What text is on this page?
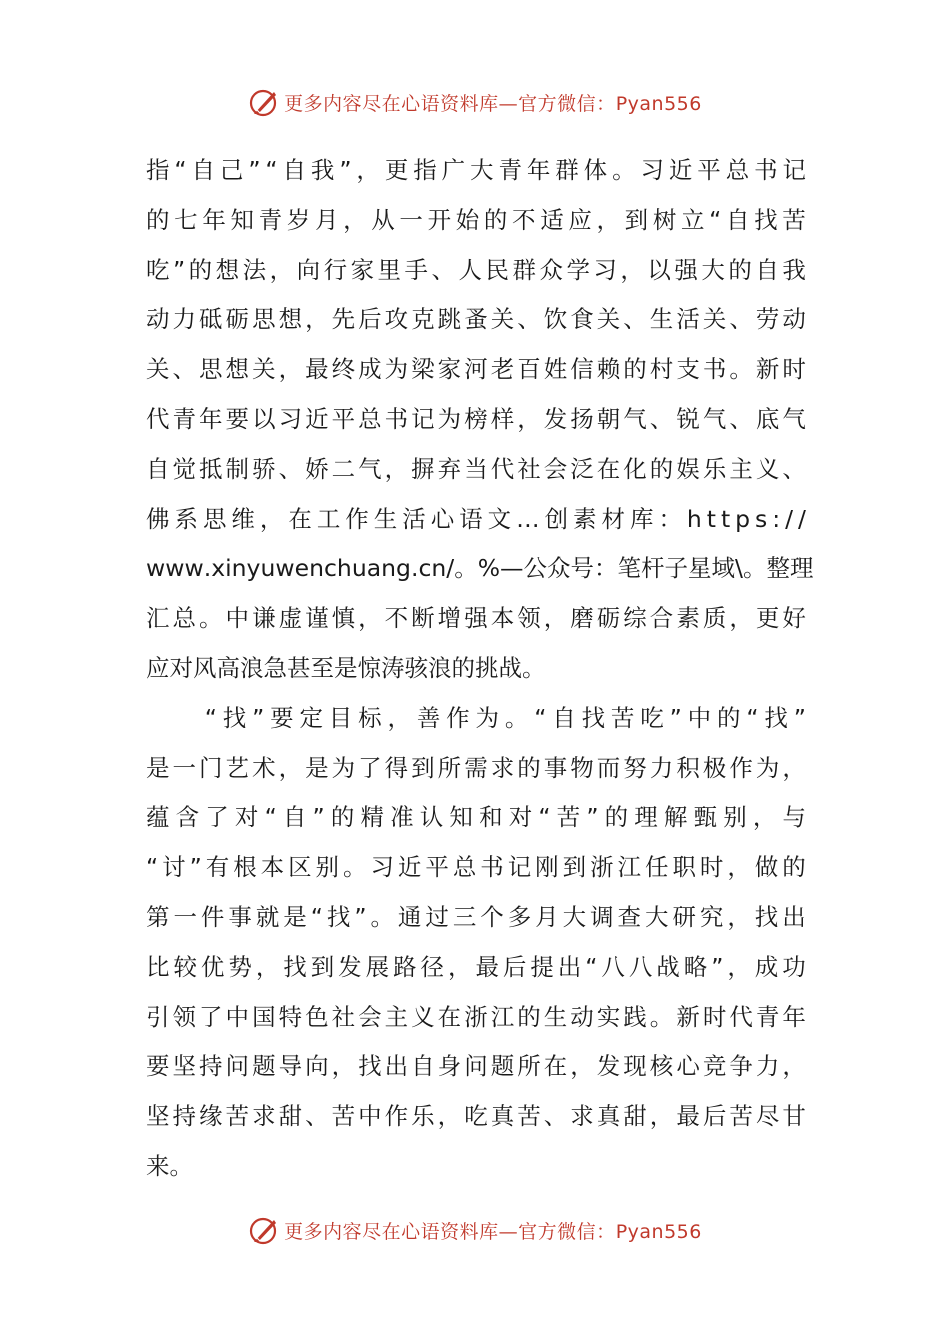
更多内容尽在心语资料库—官方微信：Pyan556
指 “ 自 己 ” “ 自 我 ” ， 更 指 广 大 青 年 群 体 。 习 近 平 总 书 记
的 七 年 知 青 岁 月 ， 从 一 开 始 的 不 适 应 ， 到 树 立 “ 自 找 苦
吃 ” 的 想 法 ， 向 行 家 里 手 、 人 民 群 众 学 习 ， 以 强 大 的 自 我
动 力 砥 砺 思 想 ， 先 后 攻 克 跳 蚤 关 、 饮 食 关 、 生 活 关 、 劳 动
关 、 思 想 关 ， 最 终 成 为 梁 家 河 老 百 姓 信 赖 的 村 支 书 。 新 时
代 青 年 要 以 习 近 平 总 书 记 为 榜 样 ， 发 扬 朝 气 、 锐 气 、 底 气
自 觉 抵 制 骄 、 娇 二 气 ， 摒 弃 当 代 社 会 泛 在 化 的 娱 乐 主 义 、
佛 系 思 维 ， 在 工 作 生 活 心 语 文 … 创 素 材 库 ： h t t p s : / /
w w w . x i n y u w e n c h u a n g . c n / 。 % — 公 众 号 ： 笔 杆 子 星 域 \ 。 整 理
汇 总 。 中 谦 虚 谨 慎 ， 不 断 增 强 本 领 ， 磨 砺 综 合 素 质 ， 更 好
应对风高浪急甚至是惊涛骇浪的挑战。

“ 找 ” 要 定 目 标 ， 善 作 为 。 “ 自 找 苦 吃 ” 中 的 “ 找 ”
是 一 门 艺 术 ， 是 为 了 得 到 所 需 求 的 事 物 而 努 力 积 极 作 为 ，
蕴 含 了 对 “ 自 ” 的 精 准 认 知 和 对 “ 苦 ” 的 理 解 甄 别 ， 与
“ 讨 ” 有 根 本 区 别 。 习 近 平 总 书 记 刚 到 浙 江 任 职 时 ， 做 的
第 一 件 事 就 是 “ 找 ” 。 通 过 三 个 多 月 大 调 查 大 研 究 ， 找 出
比 较 优 势 ， 找 到 发 展 路 径 ， 最 后 提 出 “ 八 八 战 略 ” ， 成 功
引 领 了 中 国 特 色 社 会 主 义 在 浙 江 的 生 动 实 践 。 新 时 代 青 年
要 坚 持 问 题 导 向 ， 找 出 自 身 问 题 所 在 ， 发 现 核 心 竞 争 力 ，
坚 持 缘 苦 求 甜 、 苦 中 作 乐 ， 吃 真 苦 、 求 真 甜 ， 最 后 苦 尽 甘
来。
更多内容尽在心语资料库—官方微信：Pyan556
